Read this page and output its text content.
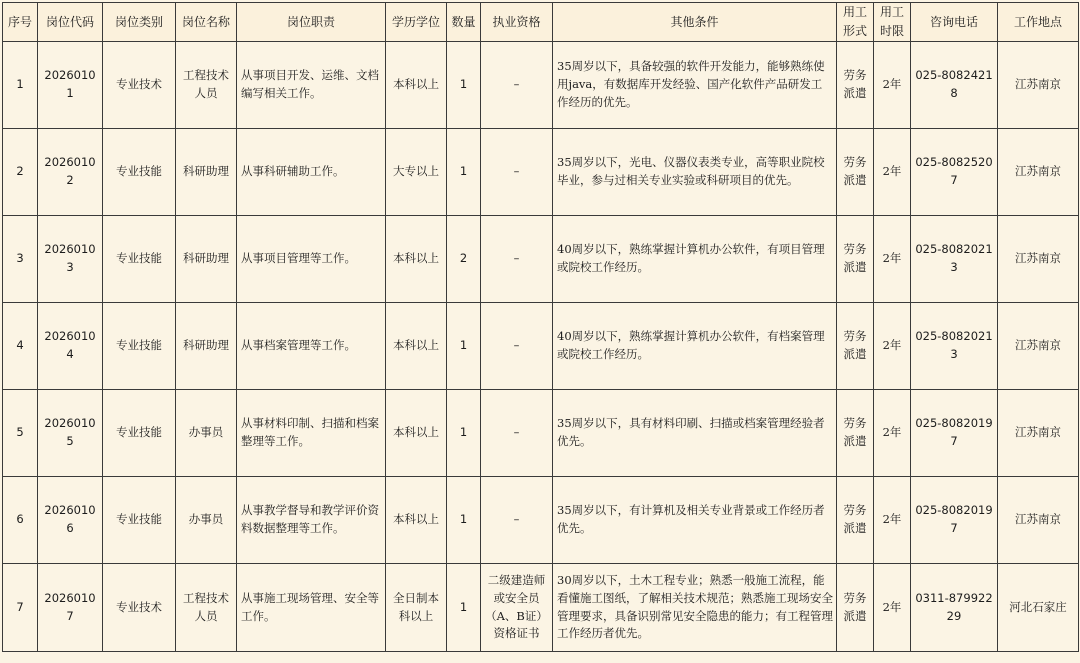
序号	岗位代码	岗位类别	岗位名称	岗位职责	学历学位	数量	执业资格	其他条件	用工形式	用工时限	咨询电话	工作地点
1	20260101	专业技术	工程技术人员	从事项目开发、运维、文档编写相关工作。	本科以上	1	–	35周岁以下，具备较强的软件开发能力，能够熟练使用java，有数据库开发经验、国产化软件产品研发工作经历的优先。	劳务派遣	2年	025-80824218	江苏南京
2	20260102	专业技能	科研助理	从事科研辅助工作。	大专以上	1	–	35周岁以下，光电、仪器仪表类专业，高等职业院校毕业，参与过相关专业实验或科研项目的优先。	劳务派遣	2年	025-80825207	江苏南京
3	20260103	专业技能	科研助理	从事项目管理等工作。	本科以上	2	–	40周岁以下，熟练掌握计算机办公软件，有项目管理或院校工作经历。	劳务派遣	2年	025-80820213	江苏南京
4	20260104	专业技能	科研助理	从事档案管理等工作。	本科以上	1	–	40周岁以下，熟练掌握计算机办公软件，有档案管理或院校工作经历。	劳务派遣	2年	025-80820213	江苏南京
5	20260105	专业技能	办事员	从事材料印制、扫描和档案整理等工作。	本科以上	1	–	35周岁以下，具有材料印刷、扫描或档案管理经验者优先。	劳务派遣	2年	025-80820197	江苏南京
6	20260106	专业技能	办事员	从事教学督导和教学评价资料数据整理等工作。	本科以上	1	–	35周岁以下，有计算机及相关专业背景或工作经历者优先。	劳务派遣	2年	025-80820197	江苏南京
7	20260107	专业技术	工程技术人员	从事施工现场管理、安全等工作。	全日制本科以上	1	二级建造师或安全员（A、B证）资格证书	30周岁以下，土木工程专业；熟悉一般施工流程，能看懂施工图纸，了解相关技术规范；熟悉施工现场安全管理要求，具备识别常见安全隐患的能力；有工程管理工作经历者优先。	劳务派遣	2年	0311-87992229	河北石家庄
